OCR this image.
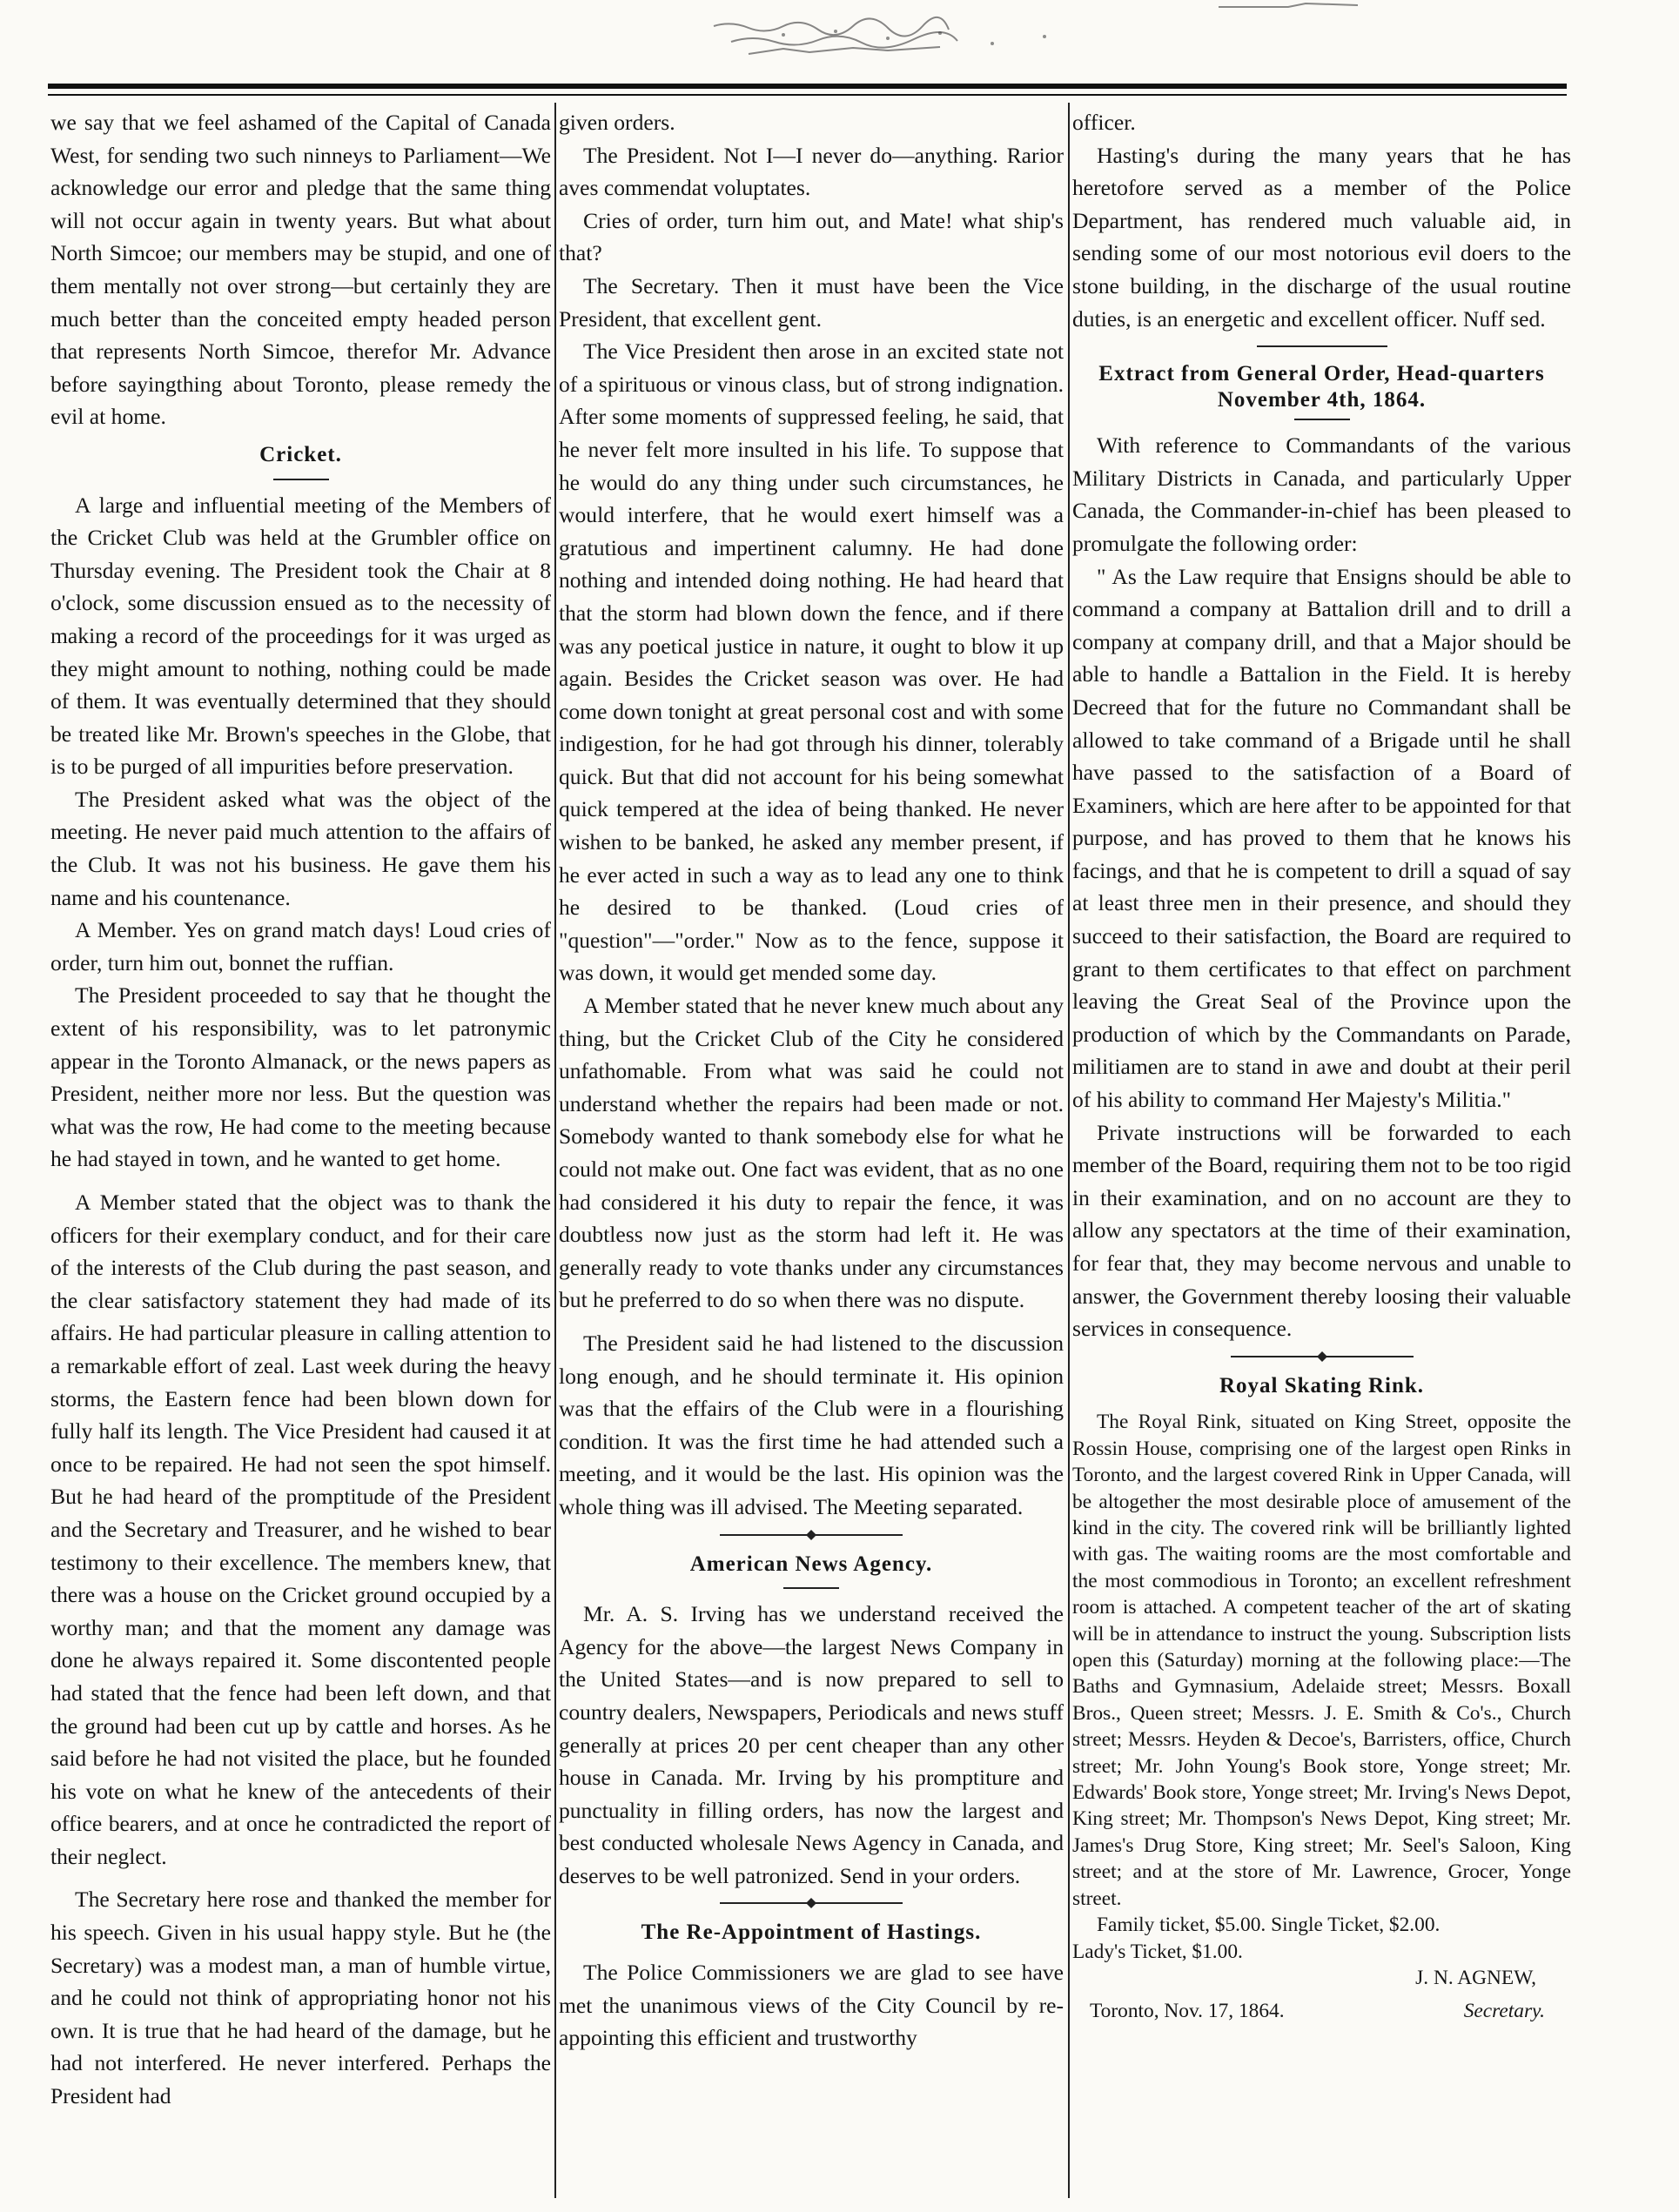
we say that we feel ashamed of the Capital of Canada West, for sending two such ninneys to Parliament—We acknowledge our error and pledge that the same thing will not occur again in twenty years. But what about North Simcoe; our members may be stupid, and one of them mentally not over strong—but certainly they are much better than the conceited empty headed person that represents North Simcoe, therefor Mr. Advance before sayingthing about Toronto, please remedy the evil at home.

Cricket.

A large and influential meeting of the Members of the Cricket Club was held at the Grumbler office on Thursday evening. The President took the Chair at 8 o'clock, some discussion ensued as to the necessity of making a record of the proceedings for it was urged as they might amount to nothing, nothing could be made of them. It was eventually determined that they should be treated like Mr. Brown's speeches in the Globe, that is to be purged of all impurities before preservation.

The President asked what was the object of the meeting. He never paid much attention to the affairs of the Club. It was not his business. He gave them his name and his countenance.

A Member. Yes on grand match days! Loud cries of order, turn him out, bonnet the ruffian.

The President proceeded to say that he thought the extent of his responsibility, was to let patronymic appear in the Toronto Almanack, or the news papers as President, neither more nor less. But the question was what was the row, He had come to the meeting because he had stayed in town, and he wanted to get home.

A Member stated that the object was to thank the officers for their exemplary conduct, and for their care of the interests of the Club during the past season, and the clear satisfactory statement they had made of its affairs. He had particular pleasure in calling attention to a remarkable effort of zeal. Last week during the heavy storms, the Eastern fence had been blown down for fully half its length. The Vice President had caused it at once to be repaired. He had not seen the spot himself. But he had heard of the promptitude of the President and the Secretary and Treasurer, and he wished to bear testimony to their excellence. The members knew, that there was a house on the Cricket ground occupied by a worthy man; and that the moment any damage was done he always repaired it. Some discontented people had stated that the fence had been left down, and that the ground had been cut up by cattle and horses. As he said before he had not visited the place, but he founded his vote on what he knew of the antecedents of their office bearers, and at once he contradicted the report of their neglect.

The Secretary here rose and thanked the member for his speech. Given in his usual happy style. But he (the Secretary) was a modest man, a man of humble virtue, and he could not think of appropriating honor not his own. It is true that he had heard of the damage, but he had not interfered. He never interfered. Perhaps the President had

given orders.

The President. Not I—I never do—anything. Rarior aves commendat voluptates.

Cries of order, turn him out, and Mate! what ship's that?

The Secretary. Then it must have been the Vice President, that excellent gent.

The Vice President then arose in an excited state not of a spirituous or vinous class, but of strong indignation. After some moments of suppressed feeling, he said, that he never felt more insulted in his life. To suppose that he would do any thing under such circumstances, he would interfere, that he would exert himself was a gratutious and impertinent calumny. He had done nothing and intended doing nothing. He had heard that that the storm had blown down the fence, and if there was any poetical justice in nature, it ought to blow it up again. Besides the Cricket season was over. He had come down tonight at great personal cost and with some indigestion, for he had got through his dinner, tolerably quick. But that did not account for his being somewhat quick tempered at the idea of being thanked. He never wishen to be banked, he asked any member present, if he ever acted in such a way as to lead any one to think he desired to be thanked. (Loud cries of "question"—"order." Now as to the fence, suppose it was down, it would get mended some day.

A Member stated that he never knew much about any thing, but the Cricket Club of the City he considered unfathomable. From what was said he could not understand whether the repairs had been made or not. Somebody wanted to thank somebody else for what he could not make out. One fact was evident, that as no one had considered it his duty to repair the fence, it was doubtless now just as the storm had left it. He was generally ready to vote thanks under any circumstances but he preferred to do so when there was no dispute.

The President said he had listened to the discussion long enough, and he should terminate it. His opinion was that the effairs of the Club were in a flourishing condition. It was the first time he had attended such a meeting, and it would be the last. His opinion was the whole thing was ill advised. The Meeting separated.

American News Agency.

Mr. A. S. Irving has we understand received the Agency for the above—the largest News Company in the United States—and is now prepared to sell to country dealers, Newspapers, Periodicals and news stuff generally at prices 20 per cent cheaper than any other house in Canada. Mr. Irving by his promptiture and punctuality in filling orders, has now the largest and best conducted wholesale News Agency in Canada, and deserves to be well patronized. Send in your orders.

The Re-Appointment of Hastings.

The Police Commissioners we are glad to see have met the unanimous views of the City Council by re-appointing this efficient and trustworthy

officer.

Hasting's during the many years that he has heretofore served as a member of the Police Department, has rendered much valuable aid, in sending some of our most notorious evil doers to the stone building, in the discharge of the usual routine duties, is an energetic and excellent officer. Nuff sed.

Extract from General Order, Head-quarters
November 4th, 1864.

With reference to Commandants of the various Military Districts in Canada, and particularly Upper Canada, the Commander-in-chief has been pleased to promulgate the following order:

" As the Law require that Ensigns should be able to command a company at Battalion drill and to drill a company at company drill, and that a Major should be able to handle a Battalion in the Field. It is hereby Decreed that for the future no Commandant shall be allowed to take command of a Brigade until he shall have passed to the satisfaction of a Board of Examiners, which are here after to be appointed for that purpose, and has proved to them that he knows his facings, and that he is competent to drill a squad of say at least three men in their presence, and should they succeed to their satisfaction, the Board are required to grant to them certificates to that effect on parchment leaving the Great Seal of the Province upon the production of which by the Commandants on Parade, militiamen are to stand in awe and doubt at their peril of his ability to command Her Majesty's Militia."

Private instructions will be forwarded to each member of the Board, requiring them not to be too rigid in their examination, and on no account are they to allow any spectators at the time of their examination, for fear that, they may become nervous and unable to answer, the Government thereby loosing their valuable services in consequence.

Royal Skating Rink.

The Royal Rink, situated on King Street, opposite the Rossin House, comprising one of the largest open Rinks in Toronto, and the largest covered Rink in Upper Canada, will be altogether the most desirable ploce of amusement of the kind in the city. The covered rink will be brilliantly lighted with gas. The waiting rooms are the most comfortable and the most commodious in Toronto; an excellent refreshment room is attached. A competent teacher of the art of skating will be in attendance to instruct the young. Subscription lists open this (Saturday) morning at the following place:—The Baths and Gymnasium, Adelaide street; Messrs. Boxall Bros., Queen street; Messrs. J. E. Smith & Co's., Church street; Messrs. Heyden & Decoe's, Barristers, office, Church street; Mr. John Young's Book store, Yonge street; Mr. Edwards' Book store, Yonge street; Mr. Irving's News Depot, King street; Mr. Thompson's News Depot, King street; Mr. James's Drug Store, King street; Mr. Seel's Saloon, King street; and at the store of Mr. Lawrence, Grocer, Yonge street.

Family ticket, $5.00. Single Ticket, $2.00.

Lady's Ticket, $1.00.

J. N. AGNEW,

Toronto, Nov. 17, 1864.	Secretary.
